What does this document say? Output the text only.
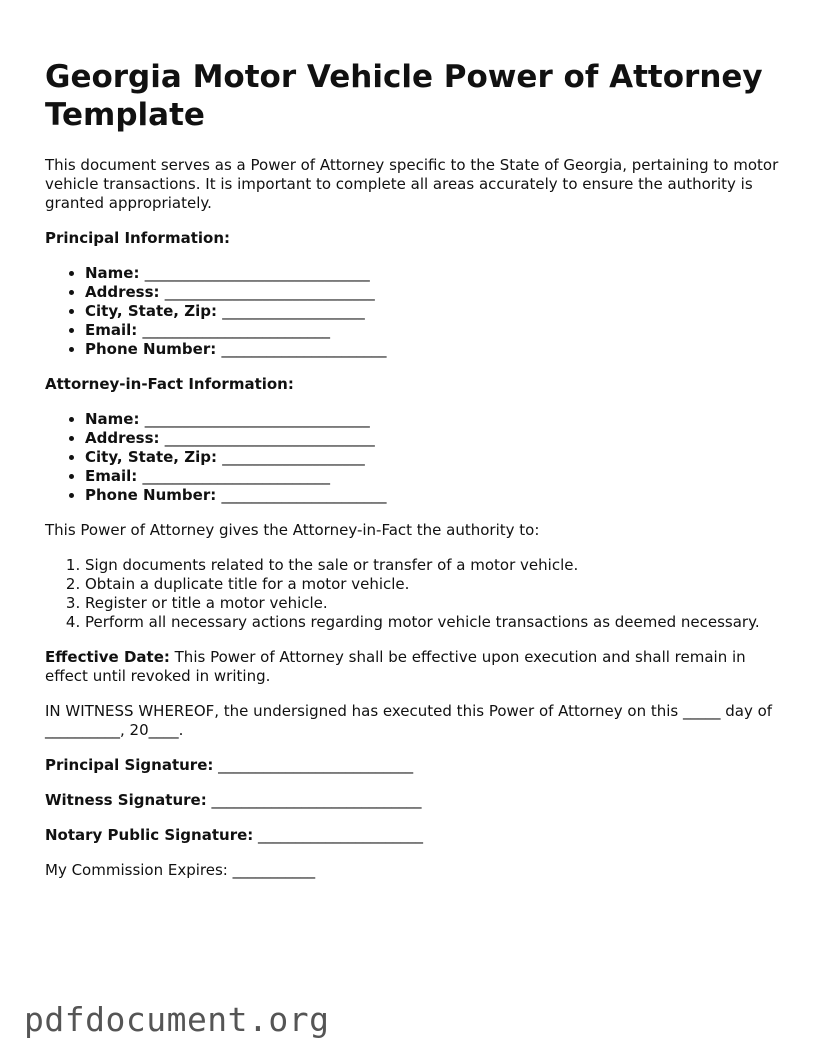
Georgia Motor Vehicle Power of Attorney Template

This document serves as a Power of Attorney specific to the State of Georgia, pertaining to motor vehicle transactions. It is important to complete all areas accurately to ensure the authority is granted appropriately.

Principal Information:
• Name: ______________________________
• Address: ____________________________
• City, State, Zip: ___________________
• Email: _________________________
• Phone Number: ______________________
Attorney-in-Fact Information:
• Name: ______________________________
• Address: ____________________________
• City, State, Zip: ___________________
• Email: _________________________
• Phone Number: ______________________

This Power of Attorney gives the Attorney-in-Fact the authority to:

1. Sign documents related to the sale or transfer of a motor vehicle.
2. Obtain a duplicate title for a motor vehicle.
3. Register or title a motor vehicle.
4. Perform all necessary actions regarding motor vehicle transactions as deemed necessary.

Effective Date: This Power of Attorney shall be effective upon execution and shall remain in effect until revoked in writing.

IN WITNESS WHEREOF, the undersigned has executed this Power of Attorney on this _____ day of __________, 20____.

Principal Signature: __________________________
Witness Signature: ____________________________
Notary Public Signature: ______________________
My Commission Expires: ___________
pdfdocument.org
